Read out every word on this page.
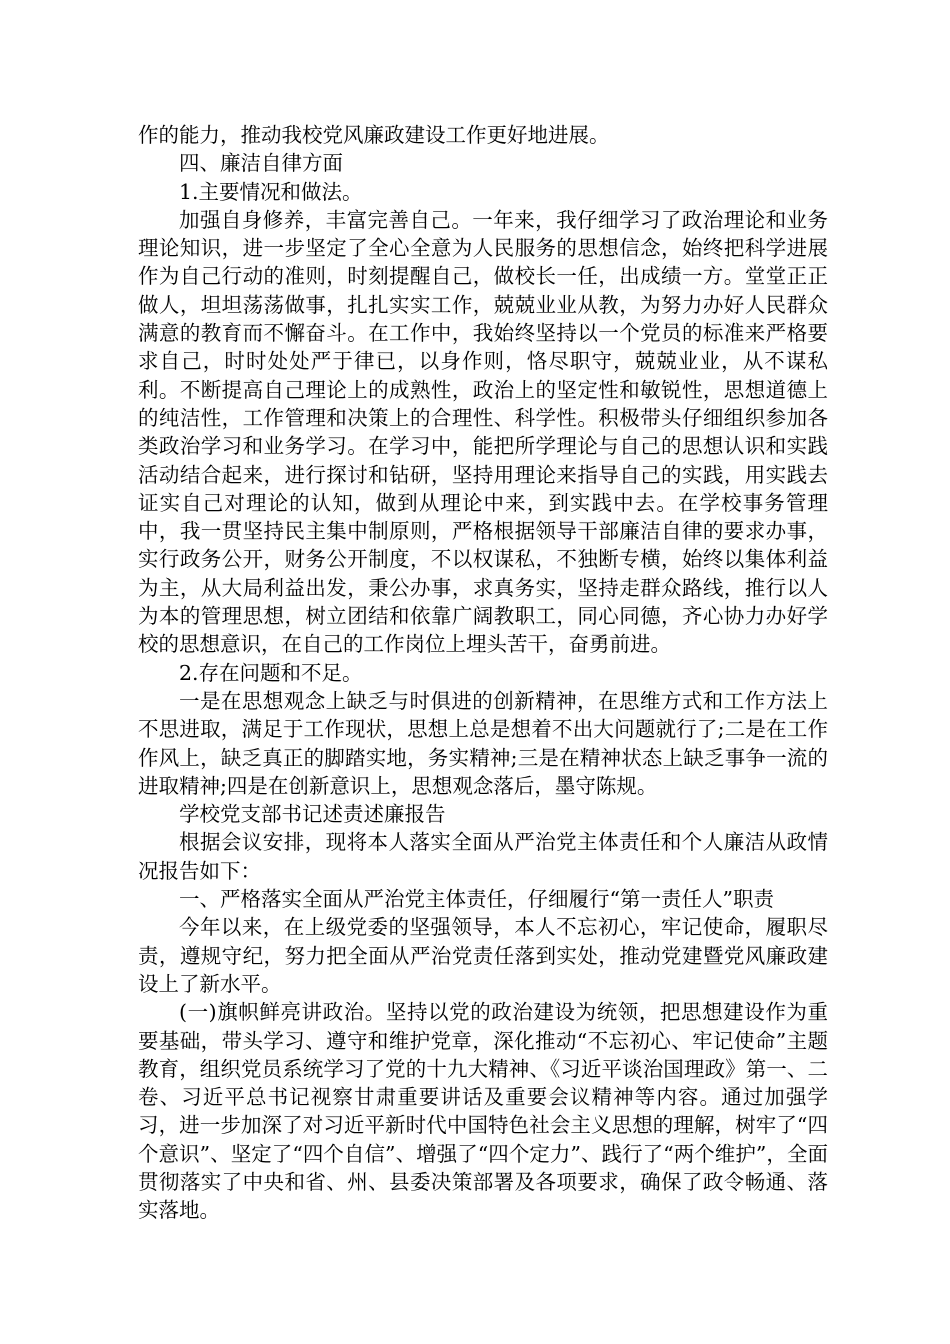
作的能力，推动我校党风廉政建设工作更好地进展。

四、廉洁自律方面

1.主要情况和做法。

加强自身修养，丰富完善自己。一年来，我仔细学习了政治理论和业务理论知识，进一步坚定了全心全意为人民服务的思想信念，始终把科学进展作为自己行动的准则，时刻提醒自己，做校长一任，出成绩一方。堂堂正正做人，坦坦荡荡做事，扎扎实实工作，兢兢业业从教，为努力办好人民群众满意的教育而不懈奋斗。在工作中，我始终坚持以一个党员的标准来严格要求自己，时时处处严于律已，以身作则，恪尽职守，兢兢业业，从不谋私利。不断提高自己理论上的成熟性，政治上的坚定性和敏锐性，思想道德上的纯洁性，工作管理和决策上的合理性、科学性。积极带头仔细组织参加各类政治学习和业务学习。在学习中，能把所学理论与自己的思想认识和实践活动结合起来，进行探讨和钻研，坚持用理论来指导自己的实践，用实践去证实自己对理论的认知，做到从理论中来，到实践中去。在学校事务管理中，我一贯坚持民主集中制原则，严格根据领导干部廉洁自律的要求办事，实行政务公开，财务公开制度，不以权谋私，不独断专横，始终以集体利益为主，从大局利益出发，秉公办事，求真务实，坚持走群众路线，推行以人为本的管理思想，树立团结和依靠广阔教职工，同心同德，齐心协力办好学校的思想意识，在自己的工作岗位上埋头苦干，奋勇前进。

2.存在问题和不足。

一是在思想观念上缺乏与时俱进的创新精神，在思维方式和工作方法上不思进取，满足于工作现状，思想上总是想着不出大问题就行了;二是在工作作风上，缺乏真正的脚踏实地，务实精神;三是在精神状态上缺乏事争一流的进取精神;四是在创新意识上，思想观念落后，墨守陈规。

学校党支部书记述责述廉报告

根据会议安排，现将本人落实全面从严治党主体责任和个人廉洁从政情况报告如下：

一、严格落实全面从严治党主体责任，仔细履行“第一责任人”职责

今年以来，在上级党委的坚强领导，本人不忘初心，牢记使命，履职尽责，遵规守纪，努力把全面从严治党责任落到实处，推动党建暨党风廉政建设上了新水平。

(一)旗帜鲜亮讲政治。坚持以党的政治建设为统领，把思想建设作为重要基础，带头学习、遵守和维护党章，深化推动“不忘初心、牢记使命”主题教育，组织党员系统学习了党的十九大精神、《习近平谈治国理政》第一、二卷、习近平总书记视察甘肃重要讲话及重要会议精神等内容。通过加强学习，进一步加深了对习近平新时代中国特色社会主义思想的理解，树牢了“四个意识”、坚定了“四个自信”、增强了“四个定力”、践行了“两个维护”，全面贯彻落实了中央和省、州、县委决策部署及各项要求，确保了政令畅通、落实落地。
